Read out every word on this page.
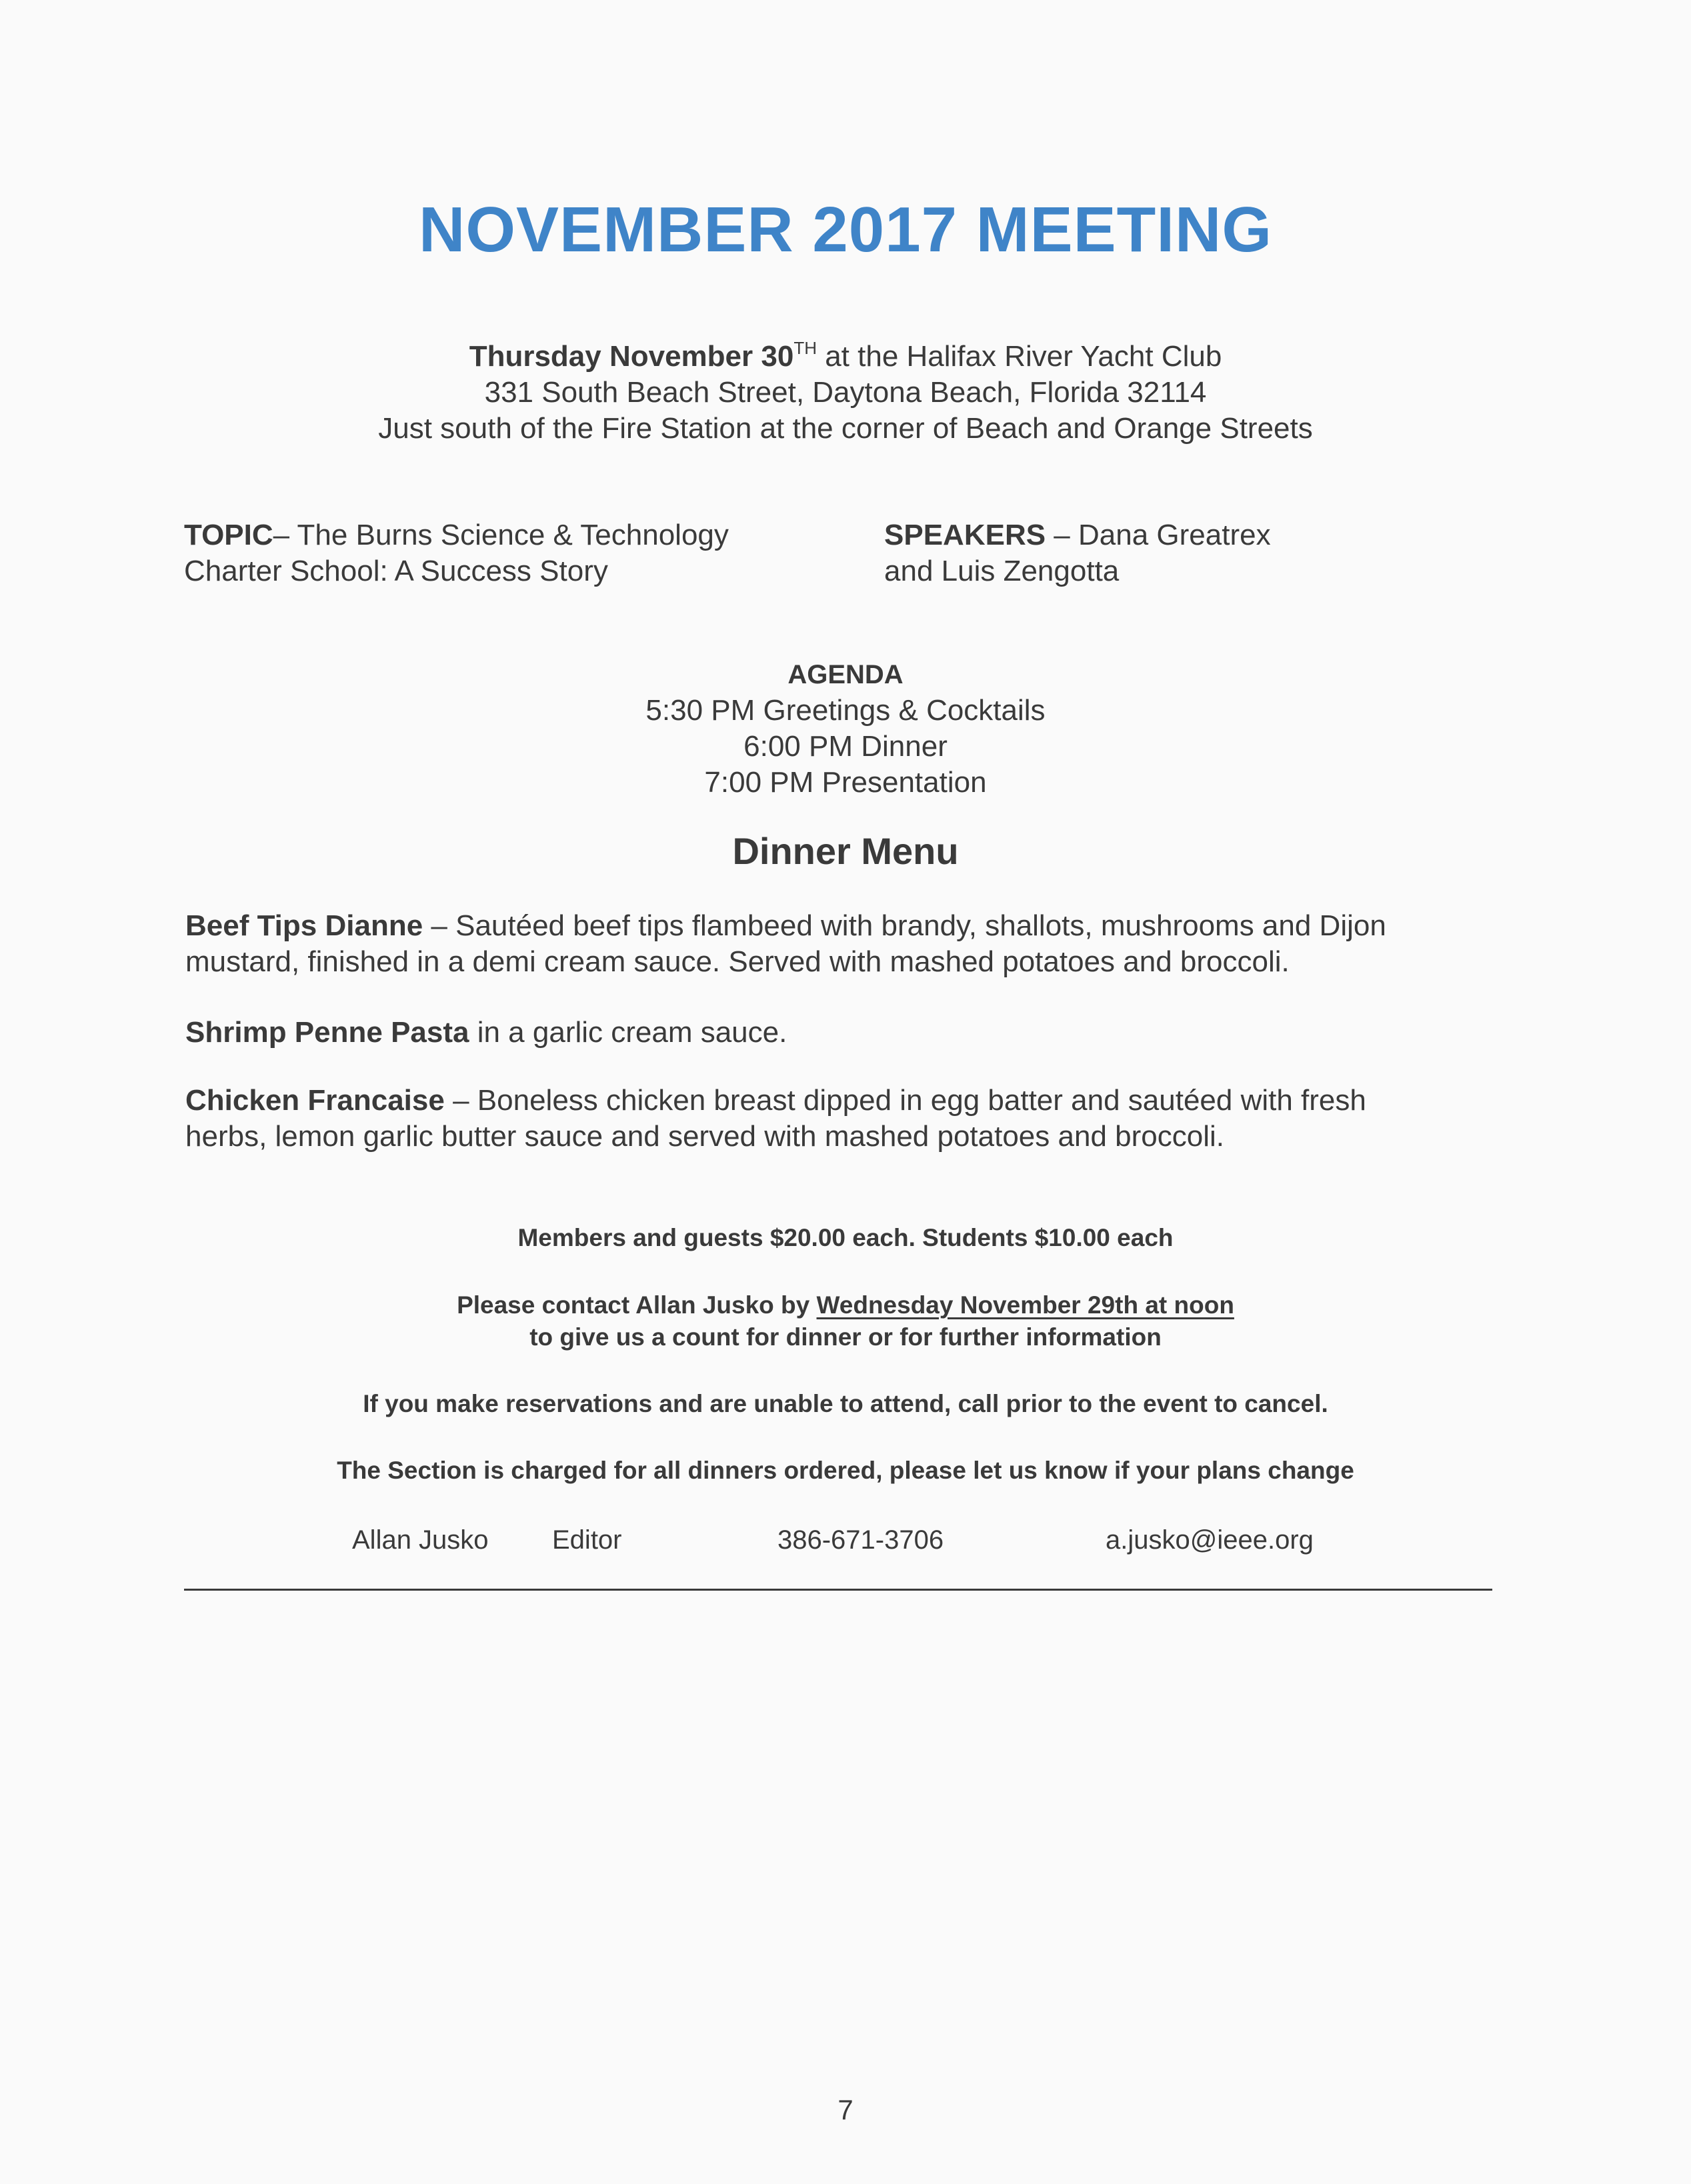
NOVEMBER 2017 MEETING
Thursday November 30TH at the Halifax River Yacht Club
331 South Beach Street, Daytona Beach, Florida 32114
Just south of the Fire Station at the corner of Beach and Orange Streets
TOPIC– The Burns Science & Technology
Charter School: A Success Story
SPEAKERS – Dana Greatrex
and Luis Zengotta
AGENDA
5:30 PM Greetings & Cocktails
6:00 PM Dinner
7:00 PM Presentation
Dinner Menu
Beef Tips Dianne – Sautéed beef tips flambeed with brandy, shallots, mushrooms and Dijon
mustard, finished in a demi cream sauce. Served with mashed potatoes and broccoli.
Shrimp Penne Pasta in a garlic cream sauce.
Chicken Francaise – Boneless chicken breast dipped in egg batter and sautéed with fresh
herbs, lemon garlic butter sauce and served with mashed potatoes and broccoli.
Members and guests $20.00 each. Students $10.00 each
Please contact Allan Jusko by Wednesday November 29th at noon
to give us a count for dinner or for further information
If you make reservations and are unable to attend, call prior to the event to cancel.
The Section is charged for all dinners ordered, please let us know if your plans change
Allan Jusko Editor	386-671-3706	a.jusko@ieee.org
7
